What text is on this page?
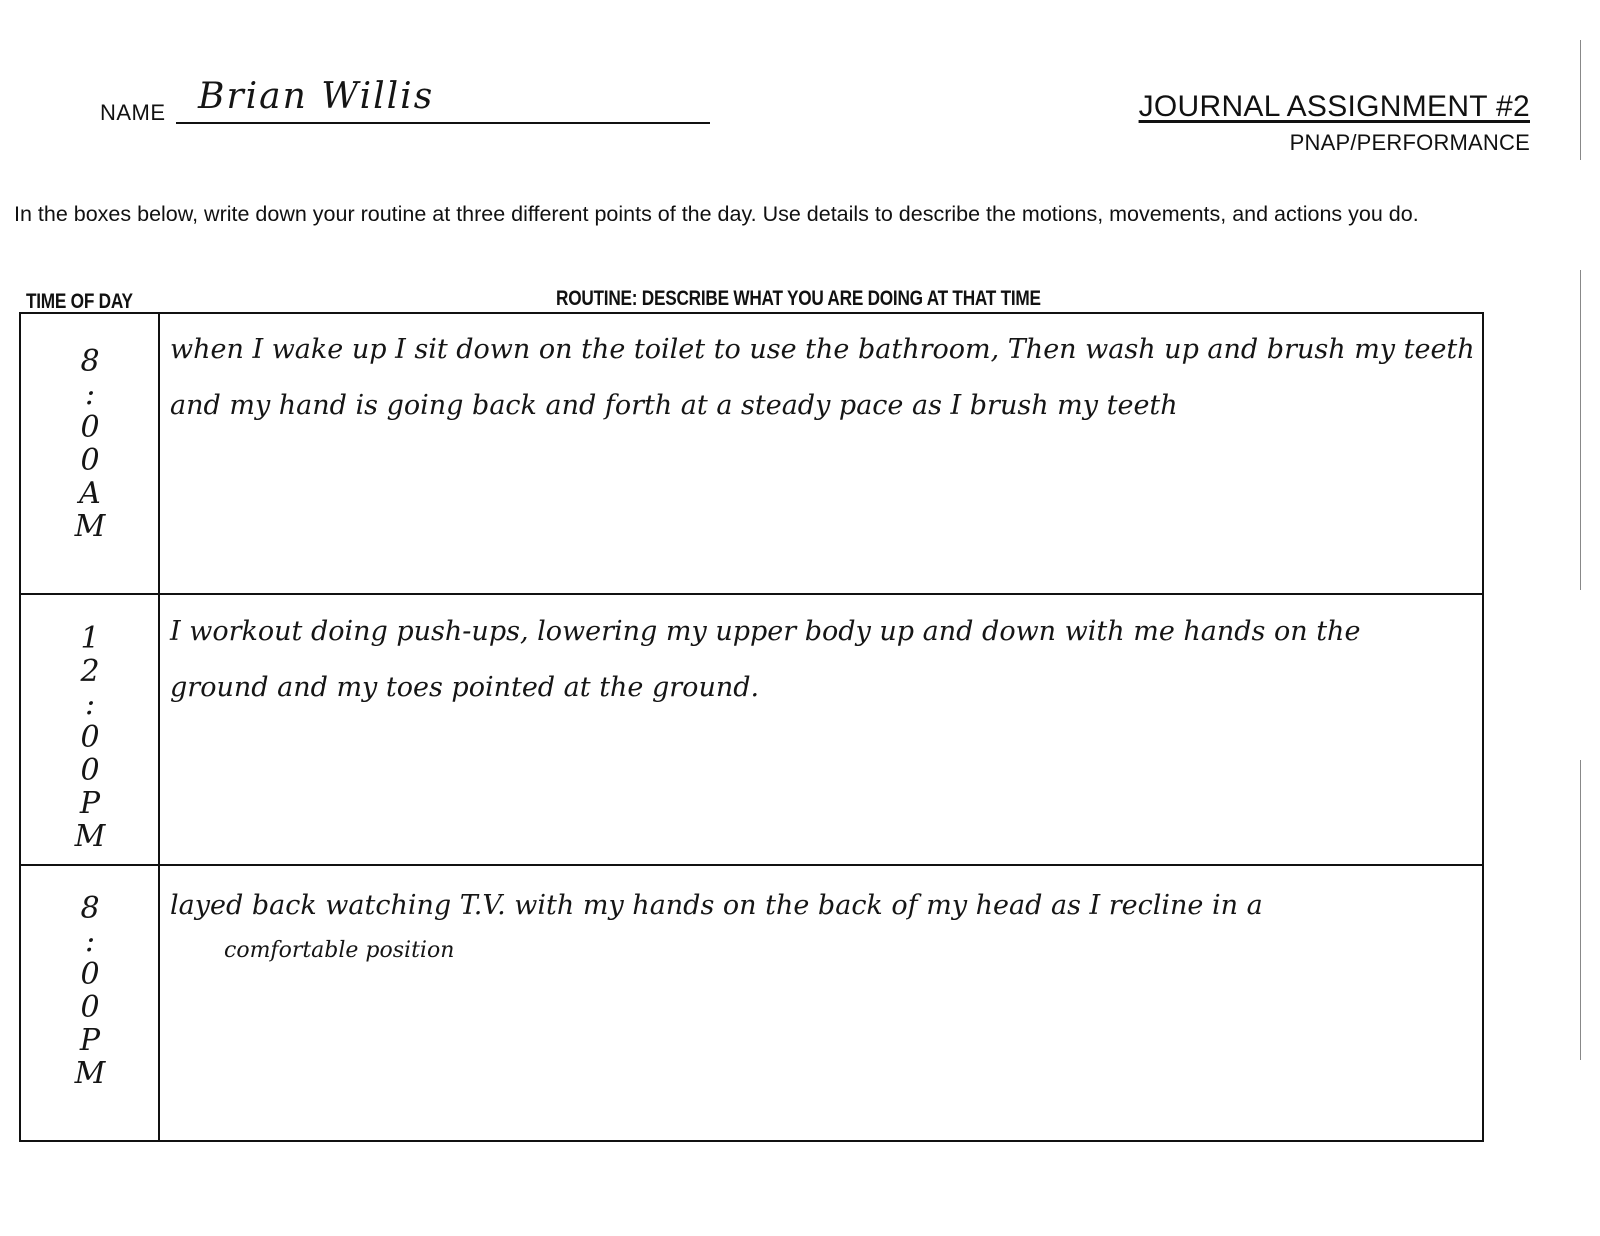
NAME Brian Willis	JOURNAL ASSIGNMENT #2
PNAP/PERFORMANCE
In the boxes below, write down your routine at three different points of the day. Use details to describe the motions, movements, and actions you do.
TIME OF DAY	ROUTINE: DESCRIBE WHAT YOU ARE DOING AT THAT TIME
8
:
0
0
A
M
when I wake up I sit down on the toilet to use the bathroom, Then wash up and brush my teeth
and my hand is going back and forth at a steady pace as I brush my teeth
1
2
:
0
0
P
M
I workout doing push-ups, lowering my upper body up and down with me hands on the
ground and my toes pointed at the ground.
8
:
0
0
P
M
layed back watching T.V. with my hands on the back of my head as I recline in a
comfortable position
